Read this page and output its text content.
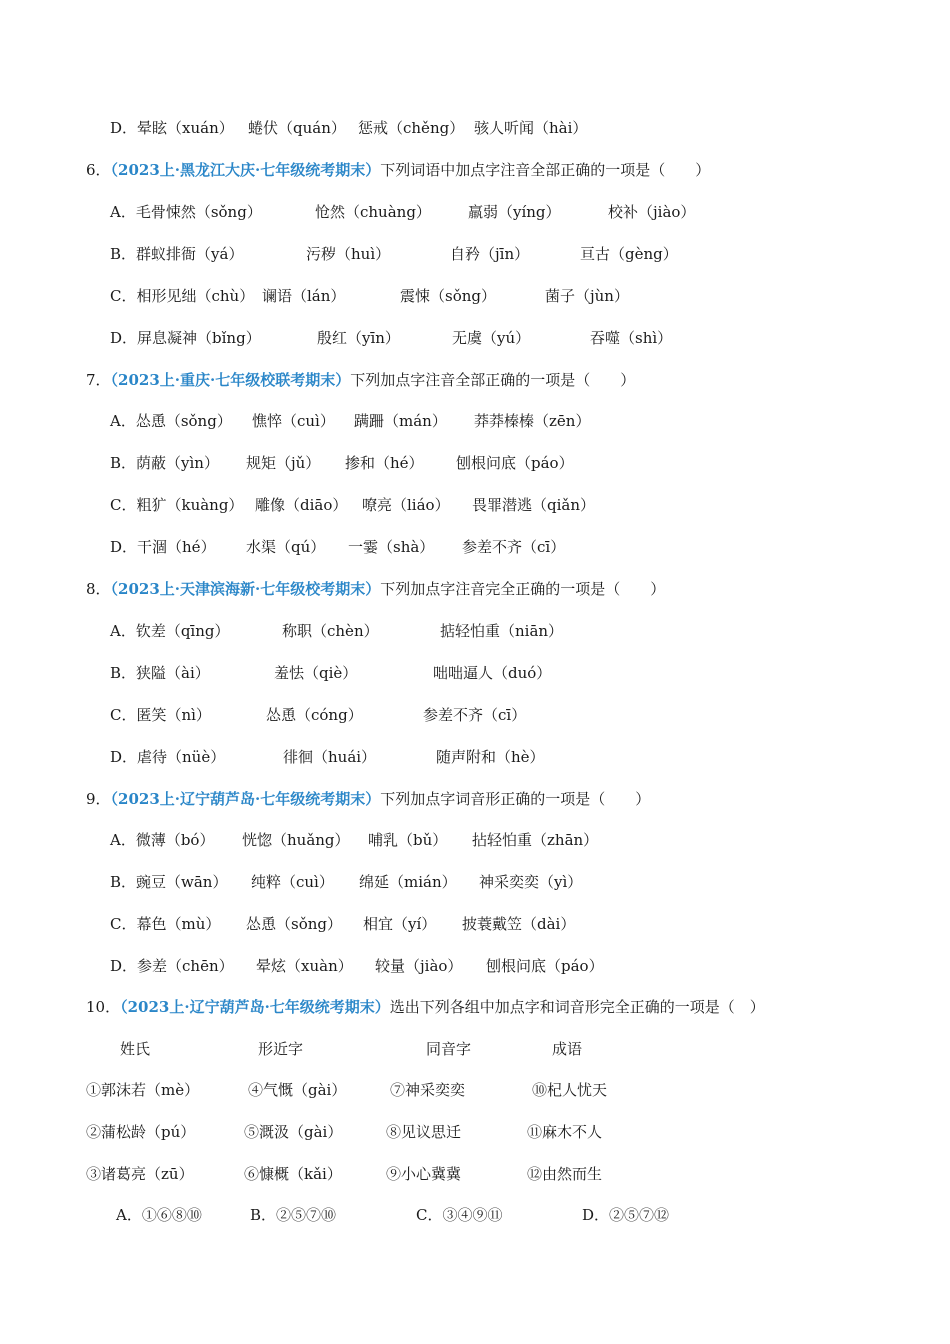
D．晕眩（xuán） 蜷伏（quán） 惩戒（chěng） 骇人听闻（hài）
6．（2023上·黑龙江大庆·七年级统考期末）下列词语中加点字注音全部正确的一项是（　　）
A．毛骨悚然（sǒng）	怆然（chuàng） 羸弱（yíng）	校补（jiào）
B．群蚁排衙（yá）	污秽（huì）	自矜（jīn）	亘古（gèng）
C．相形见绌（chù） 谰语（lán）	震悚（sǒng）	菌子（jùn）
D．屏息凝神（bǐng）	殷红（yīn）	无虞（yú）	吞噬（shì）
7．（2023上·重庆·七年级校联考期末）下列加点字注音全部正确的一项是（　　）
A．怂恿（sǒng） 憔悴（cuì） 蹒跚（mán） 莽莽榛榛（zēn）
B．荫蔽（yìn） 规矩（jǔ） 掺和（hé） 刨根问底（páo）
C．粗犷（kuàng） 雕像（diāo） 嘹亮（liáo） 畏罪潜逃（qiǎn）
D．干涸（hé） 水渠（qú） 一霎（shà） 参差不齐（cī）
8．（2023上·天津滨海新·七年级校考期末）下列加点字注音完全正确的一项是（　　）
A．钦差（qīng）	称职（chèn）	掂轻怕重（niān）
B．狭隘（ài）	羞怯（qiè）	咄咄逼人（duó）
C．匿笑（nì）	怂恿（cóng）	参差不齐（cī）
D．虐待（nüè）	徘徊（huái）	随声附和（hè）
9．（2023上·辽宁葫芦岛·七年级统考期末）下列加点字词音形正确的一项是（　　）
A．微薄（bó） 恍惚（huǎng） 哺乳（bǔ） 拈轻怕重（zhān）
B．豌豆（wān） 纯粹（cuì） 绵延（mián） 神采奕奕（yì）
C．幕色（mù） 怂恿（sǒng） 相宜（yí） 披蓑戴笠（dài）
D．参差（chēn） 晕炫（xuàn） 较量（jiào） 刨根问底（páo）
10．（2023上·辽宁葫芦岛·七年级统考期末）选出下列各组中加点字和词音形完全正确的一项是（　）
姓氏	形近字	同音字	成语
①郭沫若（mè）	④气慨（gài）	⑦神采奕奕	⑩杞人忧天
②蒲松龄（pú）	⑤溉汲（gài）	⑧见议思迁	⑪麻木不人
③诸葛亮（zū）	⑥慷概（kǎi）	⑨小心冀冀	⑫由然而生
A．①⑥⑧⑩	B．②⑤⑦⑩	C．③④⑨⑪	D．②⑤⑦⑫
